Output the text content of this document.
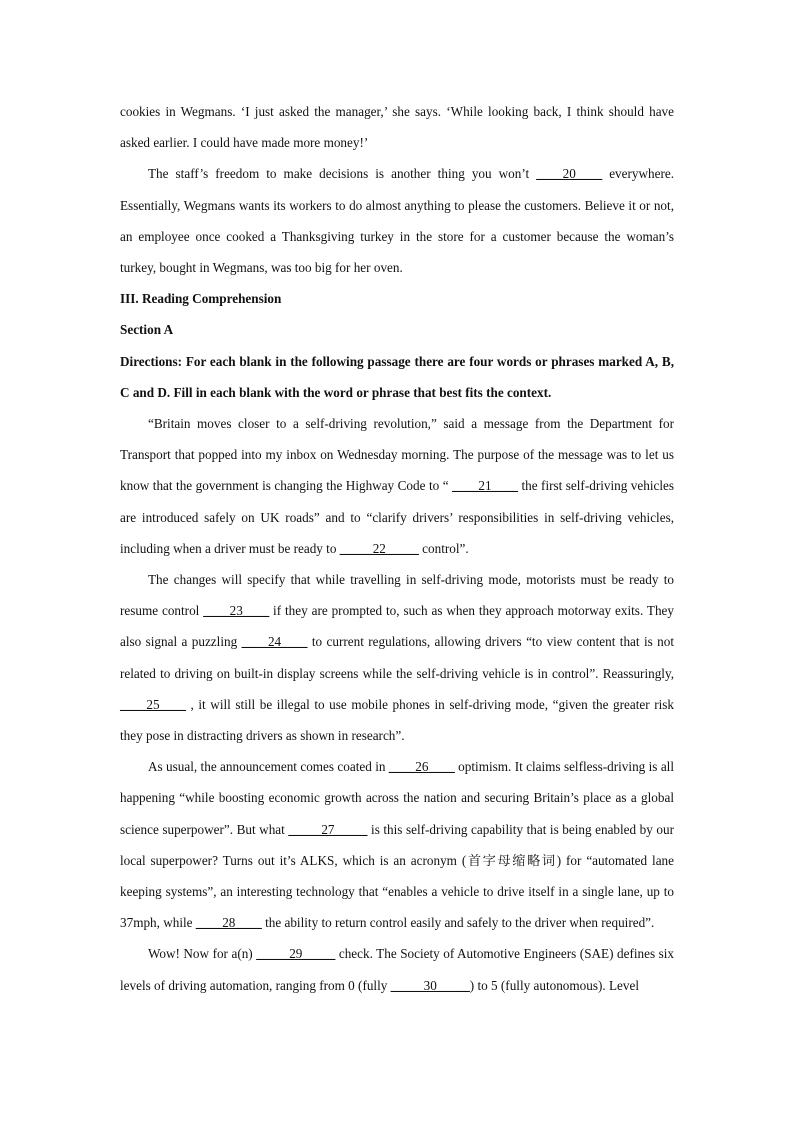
cookies in Wegmans. ‘I just asked the manager,’ she says. ‘While looking back, I think should have asked earlier. I could have made more money!’

The staff’s freedom to make decisions is another thing you won’t ____20____ everywhere. Essentially, Wegmans wants its workers to do almost anything to please the customers. Believe it or not, an employee once cooked a Thanksgiving turkey in the store for a customer because the woman’s turkey, bought in Wegmans, was too big for her oven.

III. Reading Comprehension

Section A

Directions: For each blank in the following passage there are four words or phrases marked A, B, C and D. Fill in each blank with the word or phrase that best fits the context.

“Britain moves closer to a self-driving revolution,” said a message from the Department for Transport that popped into my inbox on Wednesday morning. The purpose of the message was to let us know that the government is changing the Highway Code to “ ____21____ the first self-driving vehicles are introduced safely on UK roads” and to “clarify drivers’ responsibilities in self-driving vehicles, including when a driver must be ready to _____22_____ control”.

The changes will specify that while travelling in self-driving mode, motorists must be ready to resume control ____23____ if they are prompted to, such as when they approach motorway exits. They also signal a puzzling ____24____ to current regulations, allowing drivers “to view content that is not related to driving on built-in display screens while the self-driving vehicle is in control”. Reassuringly, ____25____ , it will still be illegal to use mobile phones in self-driving mode, “given the greater risk they pose in distracting drivers as shown in research”.

As usual, the announcement comes coated in ____26____ optimism. It claims selfless-driving is all happening “while boosting economic growth across the nation and securing Britain’s place as a global science superpower”. But what _____27_____ is this self-driving capability that is being enabled by our local superpower? Turns out it’s ALKS, which is an acronym (首字母缩略词) for “automated lane keeping systems”, an interesting technology that “enables a vehicle to drive itself in a single lane, up to 37mph, while ____28____ the ability to return control easily and safely to the driver when required”.

Wow! Now for a(n) _____29_____ check. The Society of Automotive Engineers (SAE) defines six levels of driving automation, ranging from 0 (fully _____30_____) to 5 (fully autonomous). Level
